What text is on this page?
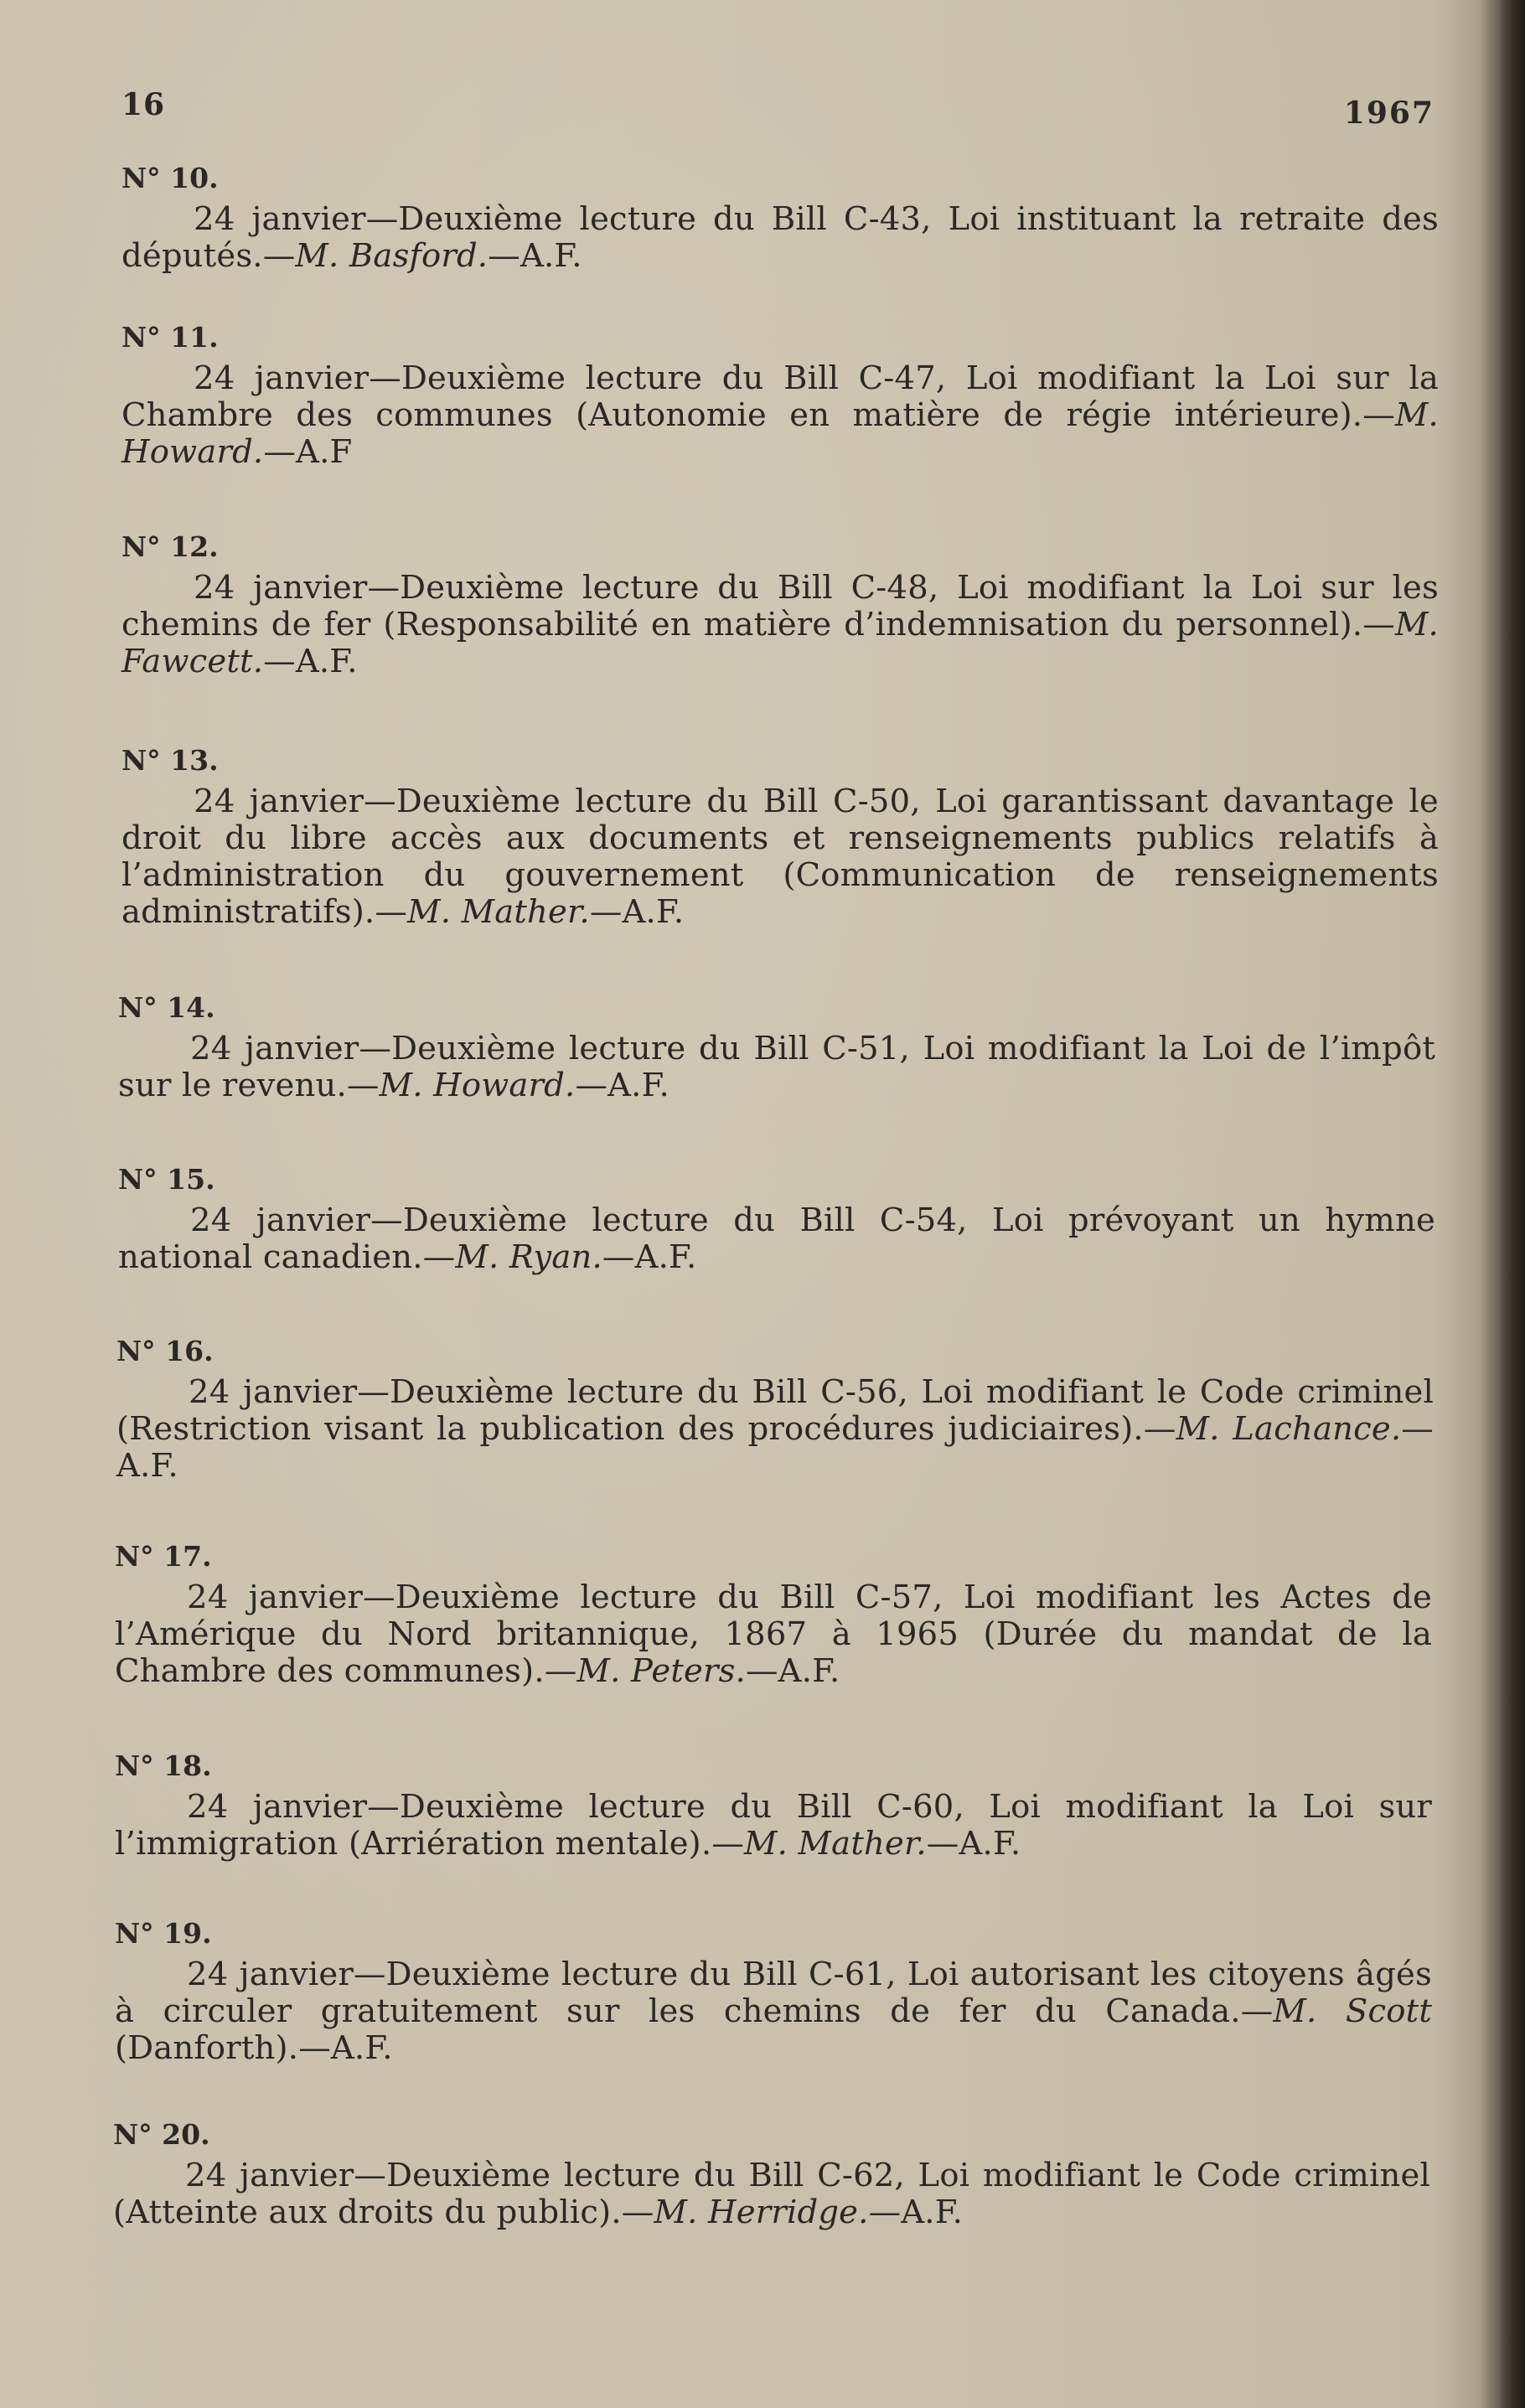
16	1967
N° 10.

24 janvier—Deuxième lecture du Bill C-43, Loi instituant la retraite des députés.—M. Basford.—A.F.

N° 11.

24 janvier—Deuxième lecture du Bill C-47, Loi modifiant la Loi sur la Chambre des communes (Autonomie en matière de régie intérieure).—M. Howard.—A.F

N° 12.

24 janvier—Deuxième lecture du Bill C-48, Loi modifiant la Loi sur les chemins de fer (Responsabilité en matière d’indemnisation du personnel).—M. Fawcett.—A.F.

N° 13.

24 janvier—Deuxième lecture du Bill C-50, Loi garantissant davantage le droit du libre accès aux documents et renseignements publics relatifs à l’administration du gouvernement (Communication de renseignements administratifs).—M. Mather.—A.F.

N° 14.

24 janvier—Deuxième lecture du Bill C-51, Loi modifiant la Loi de l’impôt sur le revenu.—M. Howard.—A.F.

N° 15.

24 janvier—Deuxième lecture du Bill C-54, Loi prévoyant un hymne national canadien.—M. Ryan.—A.F.

N° 16.

24 janvier—Deuxième lecture du Bill C-56, Loi modifiant le Code criminel (Restriction visant la publication des procédures judiciaires).—M. Lachance.—A.F.

N° 17.

24 janvier—Deuxième lecture du Bill C-57, Loi modifiant les Actes de l’Amérique du Nord britannique, 1867 à 1965 (Durée du mandat de la Chambre des communes).—M. Peters.—A.F.

N° 18.

24 janvier—Deuxième lecture du Bill C-60, Loi modifiant la Loi sur l’immigration (Arriération mentale).—M. Mather.—A.F.

N° 19.

24 janvier—Deuxième lecture du Bill C-61, Loi autorisant les citoyens âgés à circuler gratuitement sur les chemins de fer du Canada.—M. Scott (Danforth).—A.F.

N° 20.

24 janvier—Deuxième lecture du Bill C-62, Loi modifiant le Code criminel (Atteinte aux droits du public).—M. Herridge.—A.F.
